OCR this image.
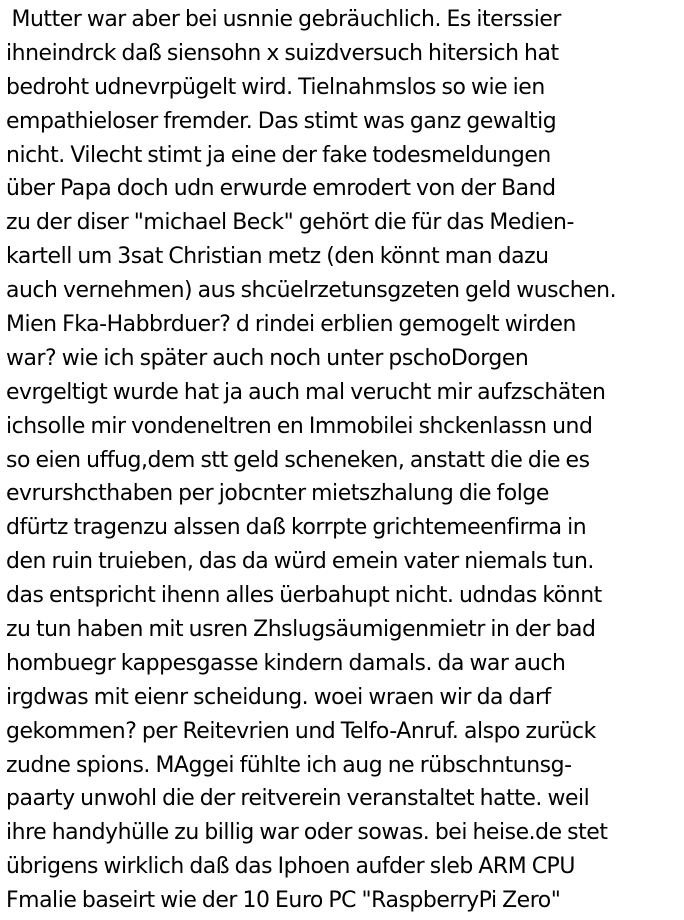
Mutter war aber bei usnnie gebräuchlich. Es iterssier
ihneindrck daß siensohn x suizdversuch hitersich hat
bedroht udnevrpügelt wird. Tielnahmslos so wie ien
empathieloser fremder. Das stimt was ganz gewaltig
nicht. Vilecht stimt ja eine der fake todesmeldungen
über Papa doch udn erwurde emrodert von der Band
zu der diser "michael Beck" gehört die für das Medien-
kartell um 3sat Christian metz (den könnt man dazu
auch vernehmen) aus shcüelrzetunsgzeten geld wuschen.
Mien Fka-Habbrduer? d rindei erblien gemogelt wirden
war? wie ich später auch noch unter pschoDorgen
evrgeltigt wurde hat ja auch mal verucht mir aufzschäten
ichsolle mir vondeneltren en Immobilei shckenlassn und
so eien uffug,dem stt geld scheneken, anstatt die die es
evrurshcthaben per jobcnter mietszhalung die folge
dfürtz tragenzu alssen daß korrpte grichtemeenfirma in
den ruin truieben, das da würd emein vater niemals tun.
das entspricht ihenn alles üerbahupt nicht. udndas könnt
zu tun haben mit usren Zhslugsäumigenmietr in der bad
hombuegr kappesgasse kindern damals. da war auch
irgdwas mit eienr scheidung. woei wraen wir da darf
gekommen? per Reitevrien und Telfo-Anruf. alspo zurück
zudne spions. MAggei fühlte ich aug ne rübschntunsg-
paarty unwohl die der reitverein veranstaltet hatte. weil
ihre handyhülle zu billig war oder sowas. bei heise.de stet
übrigens wirklich daß das Iphoen aufder sleb ARM CPU
Fmalie baseirt wie der 10 Euro PC "RaspberryPi Zero"
